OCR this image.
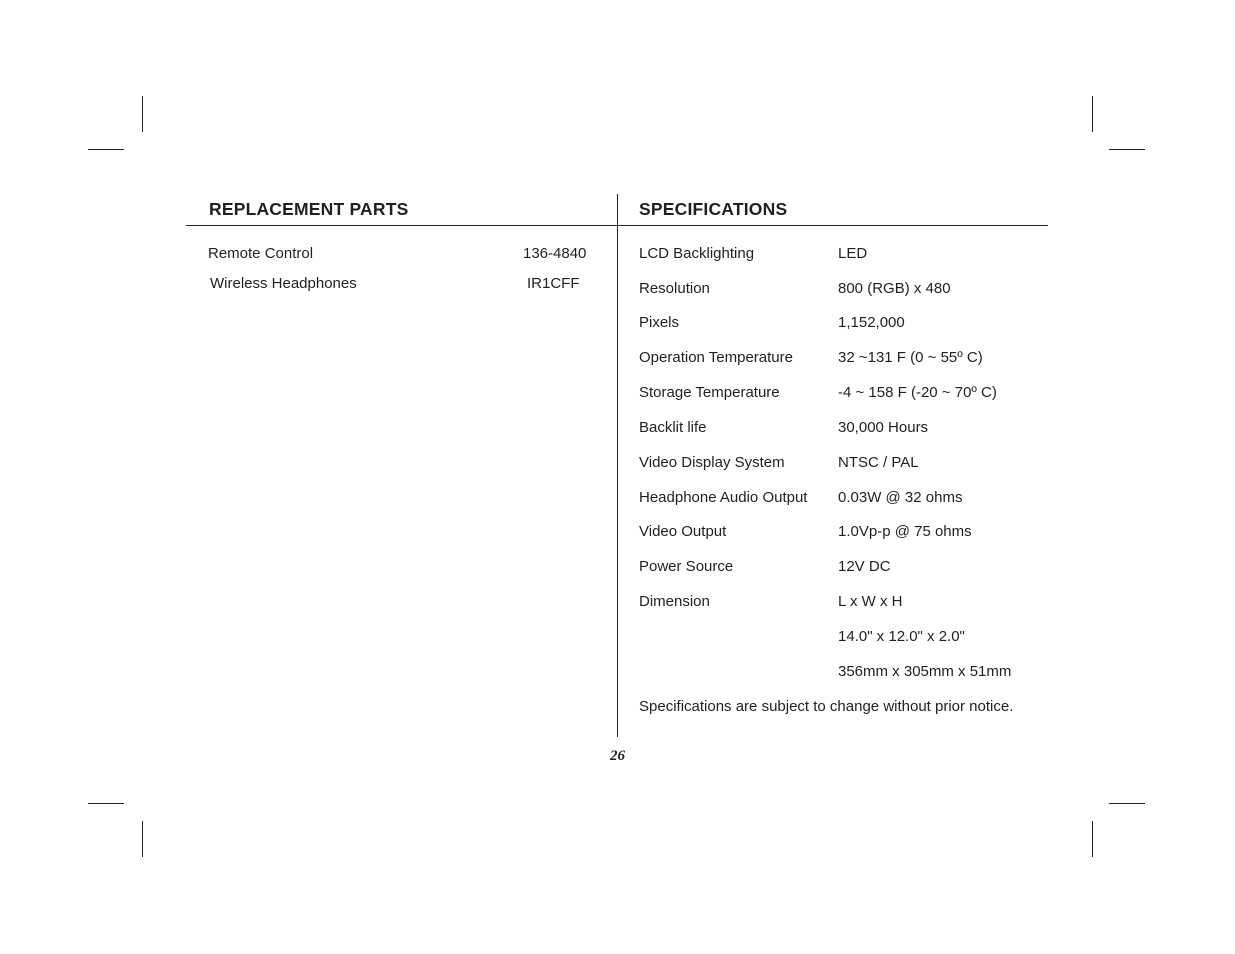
REPLACEMENT PARTS	SPECIFICATIONS
Remote Control	136-4840
Wireless Headphones	IR1CFF
LCD Backlighting	LED
Resolution	800 (RGB) x 480
Pixels	1,152,000
Operation Temperature	32 ~131 F (0 ~ 55º C)
Storage Temperature	-4 ~ 158 F (-20 ~ 70º C)
Backlit life	30,000 Hours
Video Display System	NTSC / PAL
Headphone Audio Output 0.03W @ 32 ohms
Video Output	1.0Vp-p @ 75 ohms
Power Source	12V DC
Dimension	L x W x H
14.0" x 12.0" x 2.0"
356mm x 305mm x 51mm
Specifications are subject to change without prior notice.
26
